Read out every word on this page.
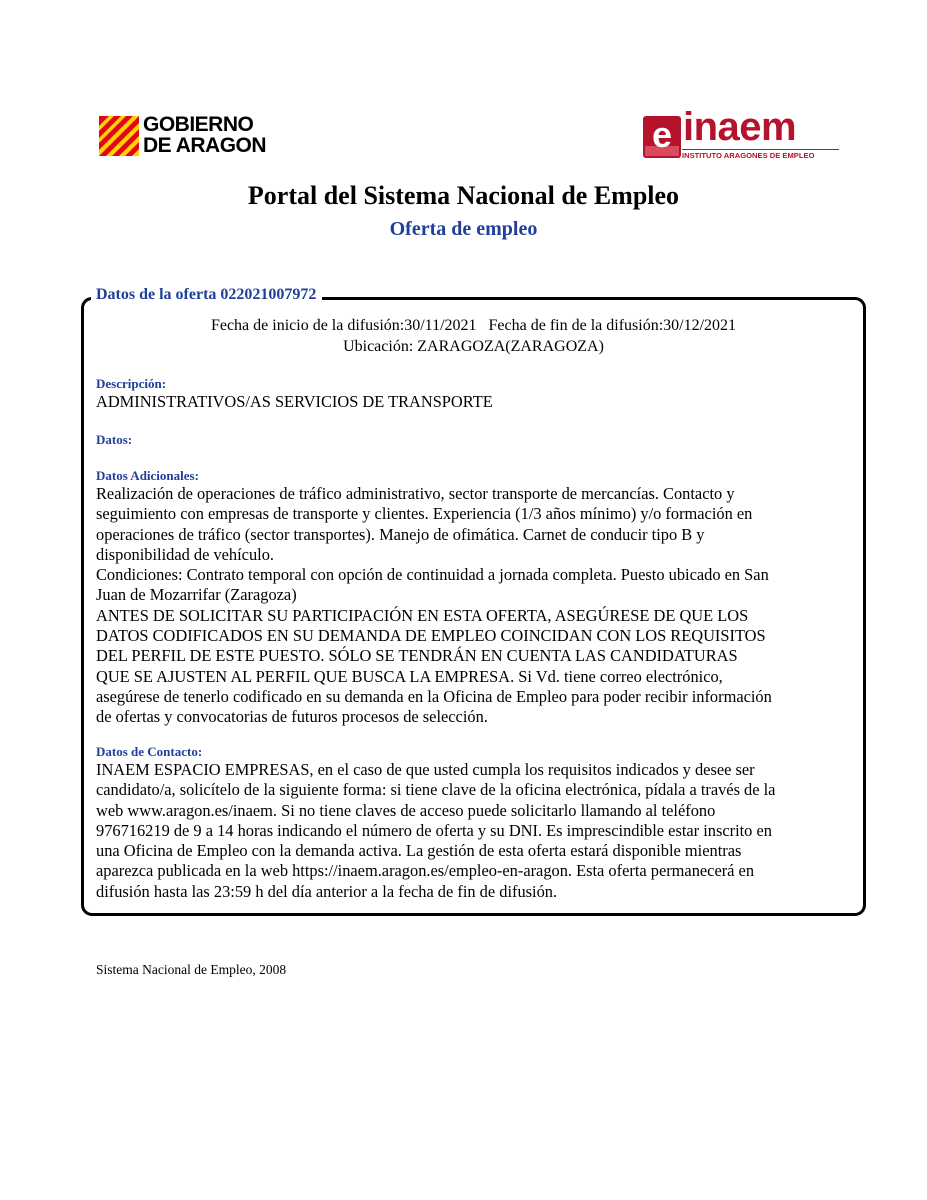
GOBIERNO
DE ARAGON	e inaem
INSTITUTO ARAGONES DE EMPLEO
Portal del Sistema Nacional de Empleo
Oferta de empleo
Datos de la oferta 022021007972
Fecha de inicio de la difusión:30/11/2021   Fecha de fin de la difusión:30/12/2021
Ubicación: ZARAGOZA(ZARAGOZA)
Descripción:
ADMINISTRATIVOS/AS SERVICIOS DE TRANSPORTE
Datos:
Datos Adicionales:
Realización de operaciones de tráfico administrativo, sector transporte de mercancías. Contacto y
seguimiento con empresas de transporte y clientes. Experiencia (1/3 años mínimo) y/o formación en
operaciones de tráfico (sector transportes). Manejo de ofimática. Carnet de conducir tipo B y
disponibilidad de vehículo.
Condiciones: Contrato temporal con opción de continuidad a jornada completa. Puesto ubicado en San
Juan de Mozarrifar (Zaragoza)
ANTES DE SOLICITAR SU PARTICIPACIÓN EN ESTA OFERTA, ASEGÚRESE DE QUE LOS
DATOS CODIFICADOS EN SU DEMANDA DE EMPLEO COINCIDAN CON LOS REQUISITOS
DEL PERFIL DE ESTE PUESTO. SÓLO SE TENDRÁN EN CUENTA LAS CANDIDATURAS
QUE SE AJUSTEN AL PERFIL QUE BUSCA LA EMPRESA. Si Vd. tiene correo electrónico,
asegúrese de tenerlo codificado en su demanda en la Oficina de Empleo para poder recibir información
de ofertas y convocatorias de futuros procesos de selección.
Datos de Contacto:
INAEM ESPACIO EMPRESAS, en el caso de que usted cumpla los requisitos indicados y desee ser
candidato/a, solicítelo de la siguiente forma: si tiene clave de la oficina electrónica, pídala a través de la
web www.aragon.es/inaem. Si no tiene claves de acceso puede solicitarlo llamando al teléfono
976716219 de 9 a 14 horas indicando el número de oferta y su DNI. Es imprescindible estar inscrito en
una Oficina de Empleo con la demanda activa. La gestión de esta oferta estará disponible mientras
aparezca publicada en la web https://inaem.aragon.es/empleo-en-aragon. Esta oferta permanecerá en
difusión hasta las 23:59 h del día anterior a la fecha de fin de difusión.
Sistema Nacional de Empleo, 2008
